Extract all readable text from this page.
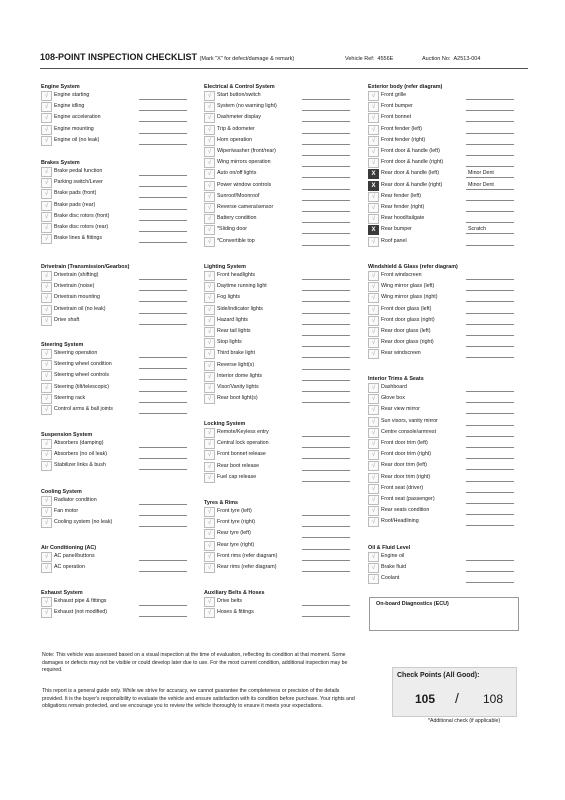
108-POINT INSPECTION CHECKLIST (Mark "X" for defect/damage & remark)	Vehicle Ref: 4556E	Auction No: A2513-004
Engine System
√	Engine starting
√	Engine idling
√	Engine acceleration
√	Engine mounting
√	Engine oil (no leak)
Brakes System
√	Brake pedal function
√	Parking switch/Lever
√	Brake pads (front)
√	Brake pads (rear)
√	Brake disc rotors (front)
√	Brake disc rotors (rear)
√	Brake lines & fittings
Drivetrain (Transmission/Gearbox)
√	Drivetrain (shifting)
√	Drivetrain (noise)
√	Drivetrain mounting
√	Drivetrain oil (no leak)
√	Drive shaft
Steering System
√	Steering operation
√	Steering wheel condition
√	Steering wheel controls
√	Steering (tilt/telescopic)
√	Steering rack
√	Control arms & ball joints
Suspension System
√	Absorbers (damping)
√	Absorbers (no oil leak)
√	Stabilizer links & bush
Cooling System
√	Radiator condition
√	Fan motor
√	Cooling system (no leak)
Air Conditioning (AC)
√	AC panel/buttons
√	AC operation
Exhaust System
√	Exhaust pipe & fittings
√	Exhaust (not modified)
Electrical & Control System
√	Start button/switch
√	System (no warning light)
√	Dashmeter display
√	Trip & odometer
√	Horn operation
√	Wiper/washer (front/rear)
√	Wing mirrors operation
√	Auto on/off lights
√	Power window controls
√	Sunroof/Moonroof
√	Reverse camera/sensor
√	Battery condition
√	*Sliding door
√	*Convertible top
Lighting System
√	Front headlights
√	Daytime running light
√	Fog lights
√	Side/indicator lights
√	Hazard lights
√	Rear tail lights
√	Stop lights
√	Third brake light
√	Reverse light(s)
√	Interior dome lights
√	Visor/Vanity lights
√	Rear boot light(s)
Locking System
√	Remote/Keyless entry
√	Central lock operation
√	Front bonnet release
√	Rear boot release
√	Fuel cap release
Tyres & Rims
√	Front tyre (left)
√	Front tyre (right)
√	Rear tyre (left)
√	Rear tyre (right)
√	Front rims (refer diagram)
√	Rear rims (refer diagram)
Auxiliary Belts & Hoses
√	Drive belts
√	Hoses & fittings
Exterior body (refer diagram)
√	Front grille
√	Front bumper
√	Front bonnet
√	Front fender (left)
√	Front fender (right)
√	Front door & handle (left)
√	Front door & handle (right)
X	Rear door & handle (left)	Minor Dent
X	Rear door & handle (right)	Minor Dent
√	Rear fender (left)
√	Rear fender (right)
√	Rear hood/tailgate
X	Rear bumper	Scratch
√	Roof panel
Windshield & Glass (refer diagram)
√	Front windscreen
√	Wing mirror glass (left)
√	Wing mirror glass (right)
√	Front door glass (left)
√	Front door glass (right)
√	Rear door glass (left)
√	Rear door glass (right)
√	Rear windscreen
Interior Trims & Seats
√	Dashboard
√	Glove box
√	Rear view mirror
√	Sun visors, vanity mirror
√	Centre console/armrest
√	Front door trim (left)
√	Front door trim (right)
√	Rear door trim (left)
√	Rear door trim (right)
√	Front seat (driver)
√	Front seat (passenger)
√	Rear seats condition
√	Roof/Headlining
Oil & Fluid Level
√	Engine oil
√	Brake fluid
√	Coolant
On-board Diagnostics (ECU)
Note: This vehicle was assessed based on a visual inspection at the time of evaluation, reflecting its condition at that moment. Some damages or defects may not be visible or could develop later due to use. For the most current condition, additional inspection may be required.
This report is a general guide only. While we strive for accuracy, we cannot guarantee the completeness or precision of the details provided. It is the buyer's responsibility to evaluate the vehicle and ensure satisfaction with its condition before purchase. Your rights and obligations remain protected, and we encourage you to review the vehicle thoroughly to ensure it meets your expectations.
Check Points (All Good):
105 / 108
*Additional check (if applicable)
